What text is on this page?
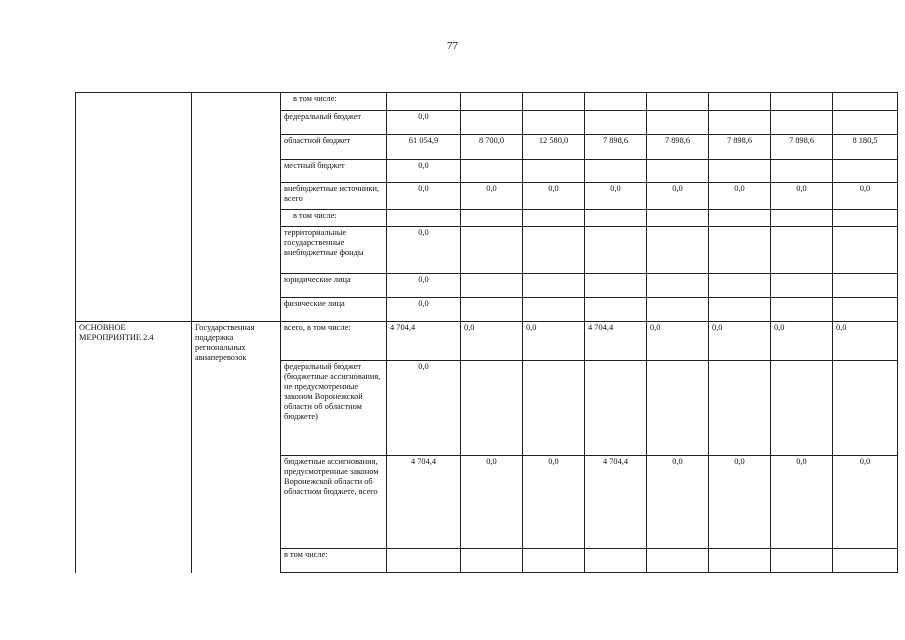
77
		в том числе:								
		федеральный бюджет	0,0							
		областной бюджет	61 054,9	8 700,0	12 580,0	7 898,6	7 898,6	7 898,6	7 898,6	8 180,5
		местный бюджет	0,0							
		внебюджетные источники, всего	0,0	0,0	0,0	0,0	0,0	0,0	0,0	0,0
		в том числе:								
		территориальные государственные внебюджетные фонды	0,0							
		юридические лица	0,0							
		физические лица	0,0							
ОСНОВНОЕ МЕРОПРИЯТИЕ 2.4	Государственная поддержка региональных авиаперевозок	всего, в том числе:	4 704,4	0,0	0,0	4 704,4	0,0	0,0	0,0	0,0
		федеральный бюджет (бюджетные ассигнования, не предусмотренные законом Воронежской области об областном бюджете)	0,0							
		бюджетные ассигнования, предусмотренные законом Воронежской области об областном бюджете, всего	4 704,4	0,0	0,0	4 704,4	0,0	0,0	0,0	0,0
		в том числе:								
